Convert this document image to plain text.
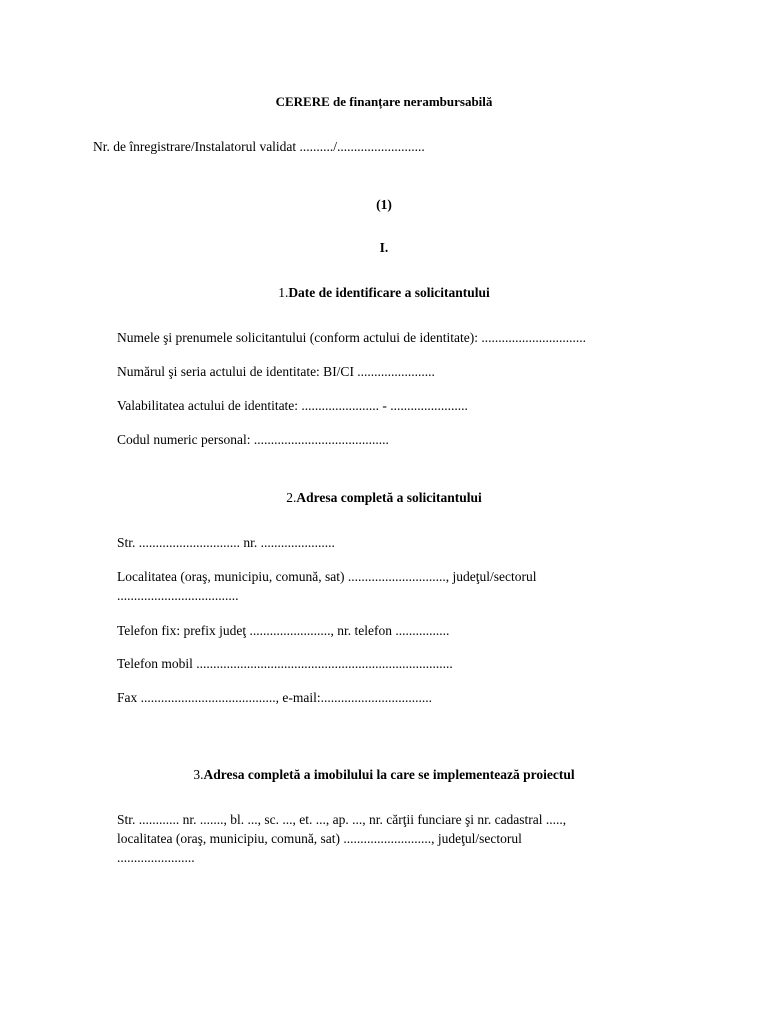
CERERE de finanțare nerambursabilă
Nr. de înregistrare/Instalatorul validat ........../..........................
(1)
I.
1.Date de identificare a solicitantului
Numele şi prenumele solicitantului (conform actului de identitate): ...............................
Numărul şi seria actului de identitate: BI/CI .......................
Valabilitatea actului de identitate: ....................... - .......................
Codul numeric personal: ........................................
2.Adresa completă a solicitantului
Str. .............................. nr. ......................
Localitatea (oraş, municipiu, comună, sat) ............................., judeţul/sectorul
....................................
Telefon fix: prefix judeţ ........................, nr. telefon ................
Telefon mobil ............................................................................
Fax ........................................, e-mail:.................................
3.Adresa completă a imobilului la care se implementează proiectul
Str. ............ nr. ......., bl. ..., sc. ..., et. ..., ap. ..., nr. cărţii funciare şi nr. cadastral .....,
localitatea (oraş, municipiu, comună, sat) .........................., judeţul/sectorul
.......................
